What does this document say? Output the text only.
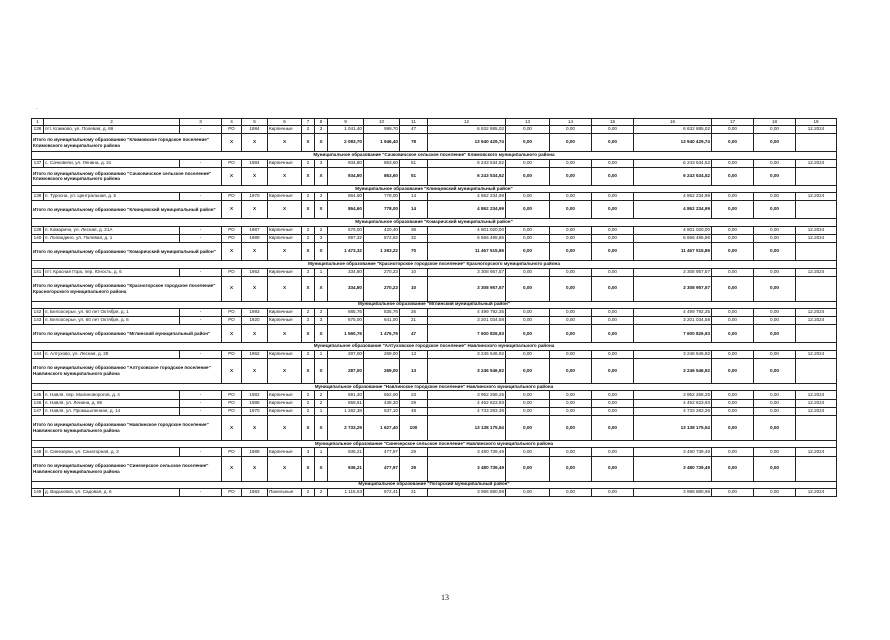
·
1	2	3	4	5	6	7	8	9	10	11	12	13	14	15	16	17	18	19
136	пгт. Климово, ул. Полевая, д. 69	-	РО	1984	Кирпичные	2	3	1 041,40	999,70	47	6 632 885,02	0,00	0,00	0,00	6 632 885,02	0,00	0,00	12.2024
Итого по муниципальному образованию "Климовское городское поселение" Климовского муниципального района			X	X	X	X	X	2 083,70	1 946,40	78	13 940 429,74	0,00	0,00	0,00	13 940 429,74	0,00	0,00	
Муниципальное образование "Сачковичское сельское поселение" Климовского муниципального района																		
137	с. Сачковичи, ул. Ленина, д. 31	-	РО	1984	Кирпичные	2	3	934,80	863,60	51	6 243 534,52	0,00	0,00	0,00	6 243 534,52	0,00	0,00	12.2024
Итого по муниципальному образованию "Сачковичское сельское поселение" Климовского муниципального района			X	X	X	X	X	934,80	863,60	51	6 243 534,52	0,00	0,00	0,00	6 243 534,52	0,00	0,00	
Муниципальное образование "Клинцовский муниципальный район"																		
138	п. Туросна, ул. Центральная, д. 5	-	РО	1970	Кирпичные	2	3	864,60	778,00	14	4 862 234,99	0,00	0,00	0,00	4 862 234,99	0,00	0,00	12.2024
Итого по муниципальному образованию "Клинцовский муниципальный район"			X	X	X	X	X	864,60	778,00	14	4 862 234,99	0,00	0,00	0,00	4 862 234,99	0,00	0,00	
Муниципальное образование "Комаричский муниципальный район"																		
139	п. Комаричи, ул. Лесная, д. 21А	-	РО	1987	Кирпичные	2	2	576,00	420,40	38	4 801 020,00	0,00	0,00	0,00	4 801 020,00	0,00	0,00	12.2024
140	п. Лопандино, ул. Полевая, д. 1	-	РО	1989	Кирпичные	2	3	897,32	872,82	32	6 666 495,86	0,00	0,00	0,00	6 666 495,86	0,00	0,00	12.2024
Итого по муниципальному образованию "Комаричский муниципальный район"			X	X	X	X	X	1 473,32	1 293,22	70	11 467 515,86	0,00	0,00	0,00	11 467 515,86	0,00	0,00	
Муниципальное образование "Красногорское городское поселение" Красногорского муниципального района																		
141	пгт. Красная Гора, пер. Юность, д. 6	-	РО	1962	Кирпичные	2	1	334,80	270,23	10	3 308 957,57	0,00	0,00	0,00	3 308 957,57	0,00	0,00	12.2024
Итого по муниципальному образованию "Красногорское городское поселение" Красногорского муниципального района			X	X	X	X	X	334,80	270,23	10	3 308 957,57	0,00	0,00	0,00	3 308 957,57	0,00	0,00	
Муниципальное образование "Мглинский муниципальный район"																		
142	п. Белоосерье, ул. 60 лет Октября, д. 1	-	РО	1993	Кирпичные	2	3	885,76	835,76	26	4 499 792,35	0,00	0,00	0,00	4 499 792,35	0,00	0,00	12.2024
143	п. Белоосерье, ул. 60 лет Октября, д. 6	-	РО	1920	Кирпичные	2	3	675,00	641,00	21	3 201 034,58	0,00	0,00	0,00	3 201 034,58	0,00	0,00	12.2024
Итого по муниципальному образованию "Мглинский муниципальный район"			X	X	X	X	X	1 560,76	1 476,76	47	7 600 826,93	0,00	0,00	0,00	7 600 826,93	0,00	0,00	
Муниципальное образование "Алтуховское городское поселение" Навлинского муниципального района																		
144	п. Алтухово, ул. Лесная, д. 29	-	РО	1962	Кирпичные	2	1	287,00	269,00	13	3 246 546,92	0,00	0,00	0,00	3 246 546,92	0,00	0,00	12.2024
Итого по муниципальному образованию "Алтуховское городское поселение" Навлинского муниципального района			X	X	X	X	X	287,00	269,00	13	3 246 546,92	0,00	0,00	0,00	3 246 546,92	0,00	0,00	
Муниципальное образование "Навлинское городское поселение" Навлинского муниципального района																		
145	п. Навля, пер. Малиноворогов, д. 4	-	РО	1982	Кирпичные	2	2	591,40	552,00	23	3 952 268,25	0,00	0,00	0,00	3 952 268,25	0,00	0,00	12.2024
146	п. Навля, ул. Ленина, д. 86	-	РО	1988	Кирпичные	2	2	859,51	438,30	29	4 452 623,93	0,00	0,00	0,00	4 452 623,93	0,00	0,00	12.2024
147	п. Навля, ул. Промышленная, д. 14	-	РО	1970	Кирпичные	2	1	1 282,38	637,10	48	4 733 283,36	0,00	0,00	0,00	4 733 283,36	0,00	0,00	12.2024
Итого по муниципальному образованию "Навлинское городское поселение" Навлинского муниципального района			X	X	X	X	X	2 733,29	1 627,40	100	13 138 175,54	0,00	0,00	0,00	13 138 175,54	0,00	0,00	
Муниципальное образование "Синезерское сельское поселение" Навлинского муниципального района																		
148	п. Синезерки, ул. Санаторная, д. 3	-	РО	1989	Кирпичные	3	1	936,21	477,97	29	3 480 739,49	0,00	0,00	0,00	3 480 739,49	0,00	0,00	12.2024
Итого по муниципальному образованию "Синезерское сельское поселение" Навлинского муниципального района			X	X	X	X	X	936,21	477,97	29	3 480 739,49	0,00	0,00	0,00	3 480 739,49	0,00	0,00	
Муниципальное образование "Погарский муниципальный район"																		
149	д. Вадьковка, ул. Садовая, д. 6	-	РО	1983	Панельные	2	2	1 115,63	672,41	21	3 986 880,98	0,00	0,00	0,00	3 986 880,98	0,00	0,00	12.2024
13
